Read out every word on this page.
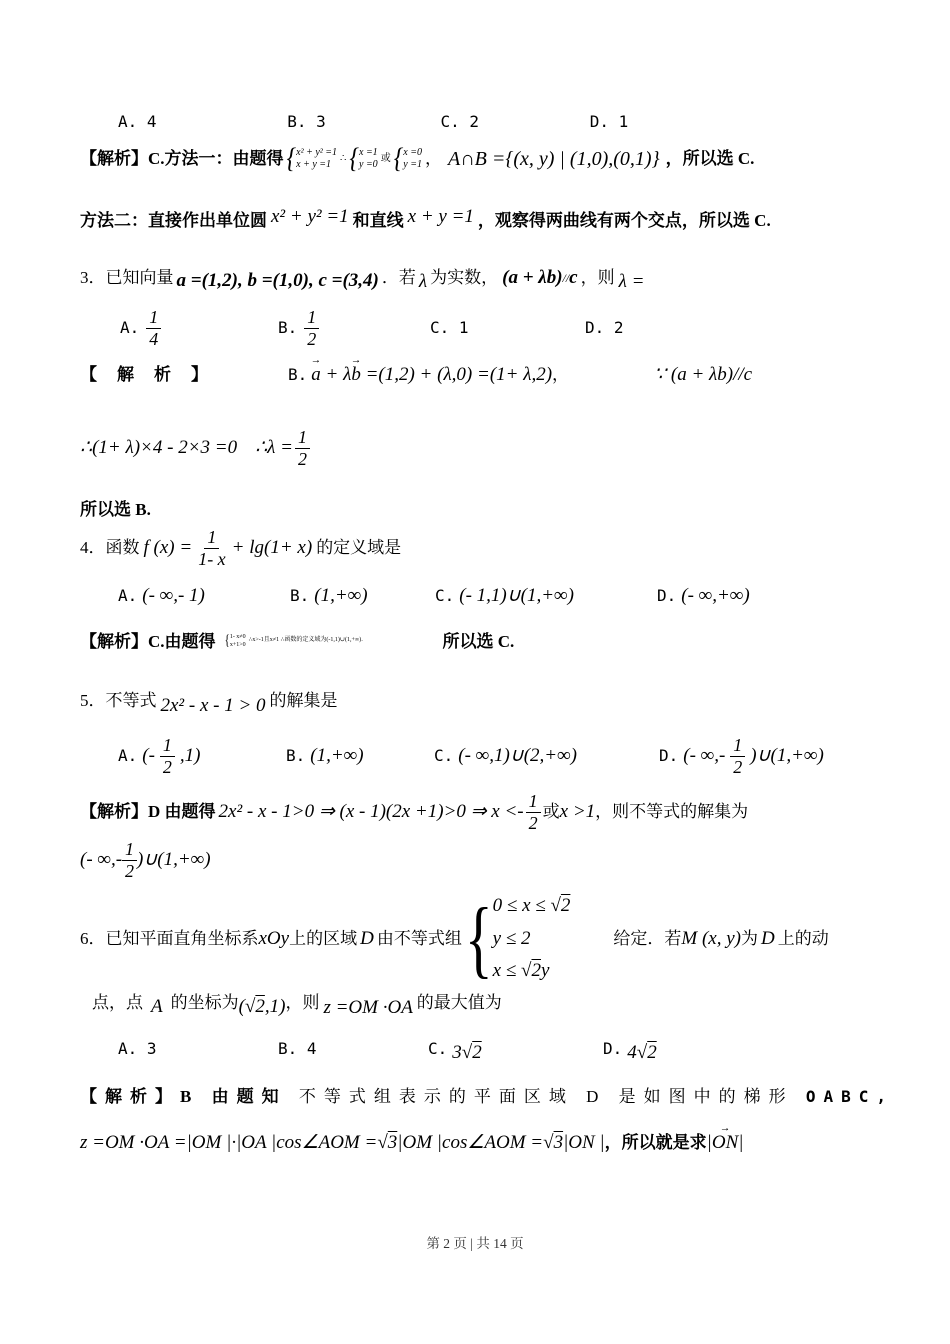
A. 4
	B. 3
	C. 2
	D. 1
【解析】C.方法一：由题得 { x² + y² =1
x + y =1
∴ { x =1
y =0
或 { x =0
y =1 ， A∩B ={(x, y) | (1,0),(0,1)} ，所以选 C.
方法二：直接作出单位圆 x² + y² =1 和直线 x + y =1 ，观察得两曲线有两个交点，所以选 C.
3．已知向量 a =(1,2), b =(1,0), c =(3,4) ．若 λ 为实数， (a + λb) // c ，则 λ =
A. $\frac{1}{4}$	B. $\frac{1}{2}$	C. 1	D. 2
【解析】	B. a → + λb → =(1,2) + (λ,0) =(1+ λ,2) ，	∵ (a + λb)//c
∴(1+ λ)×4 - 2×3 =0 ∴λ = $\frac{1}{2}$
所以选 B.
4．函数 f $(x) = \frac{1}{1- x} + \lg(1+ x)$ 的定义域是
A. (- ∞,- 1)	B. (1,+∞)	C. (- 1,1)∪(1,+∞)	D. (- ∞,+∞)
【解析】C.由题得 { 1- x≠0
x+1>0
∴x>-1且x≠1 ∴函数的定义域为(-1,1)∪(1,+∞)．	所以选 C.
5．不等式 2x² - x - 1 > 0 的解集是
A. (- $\frac{1}{2} ,1$)	B. (1,+∞)	C. (- ∞,1)∪(2,+∞)	D. (- ∞,- $\frac{1}{2}$ )∪(1,+∞)
【解析】D 由题得 2x² - x - 1>0 ⇒ (x - 1)(2x +1)>0 ⇒ $x <- \frac{1}{2}$ 或 x >1 ，则不等式的解集为
(- ∞,- $\frac{1}{2}$ )∪(1,+∞)
6．已知平面直角坐标系 xOy 上的区域 D 由不等式组 { 0 ≤ x ≤ √2
y ≤ 2
x ≤ √2y
给定．若 M (x, y) 为 D 上的动
点，点 A 的坐标为 (√2,1) ，则 z =OM ·OA 的最大值为
A. 3	B. 4	C. 3√2	D. 4√2
【解析】B 由题知 不等式组表示的平面区域 D 是如图中的梯形 OABC,
z =OM ·OA =|OM |·|OA |cos∠AOM = √3 |OM |cos∠AOM = √3 |ON | ，所以就是求 |ON →|
第 2 页 | 共 14 页
